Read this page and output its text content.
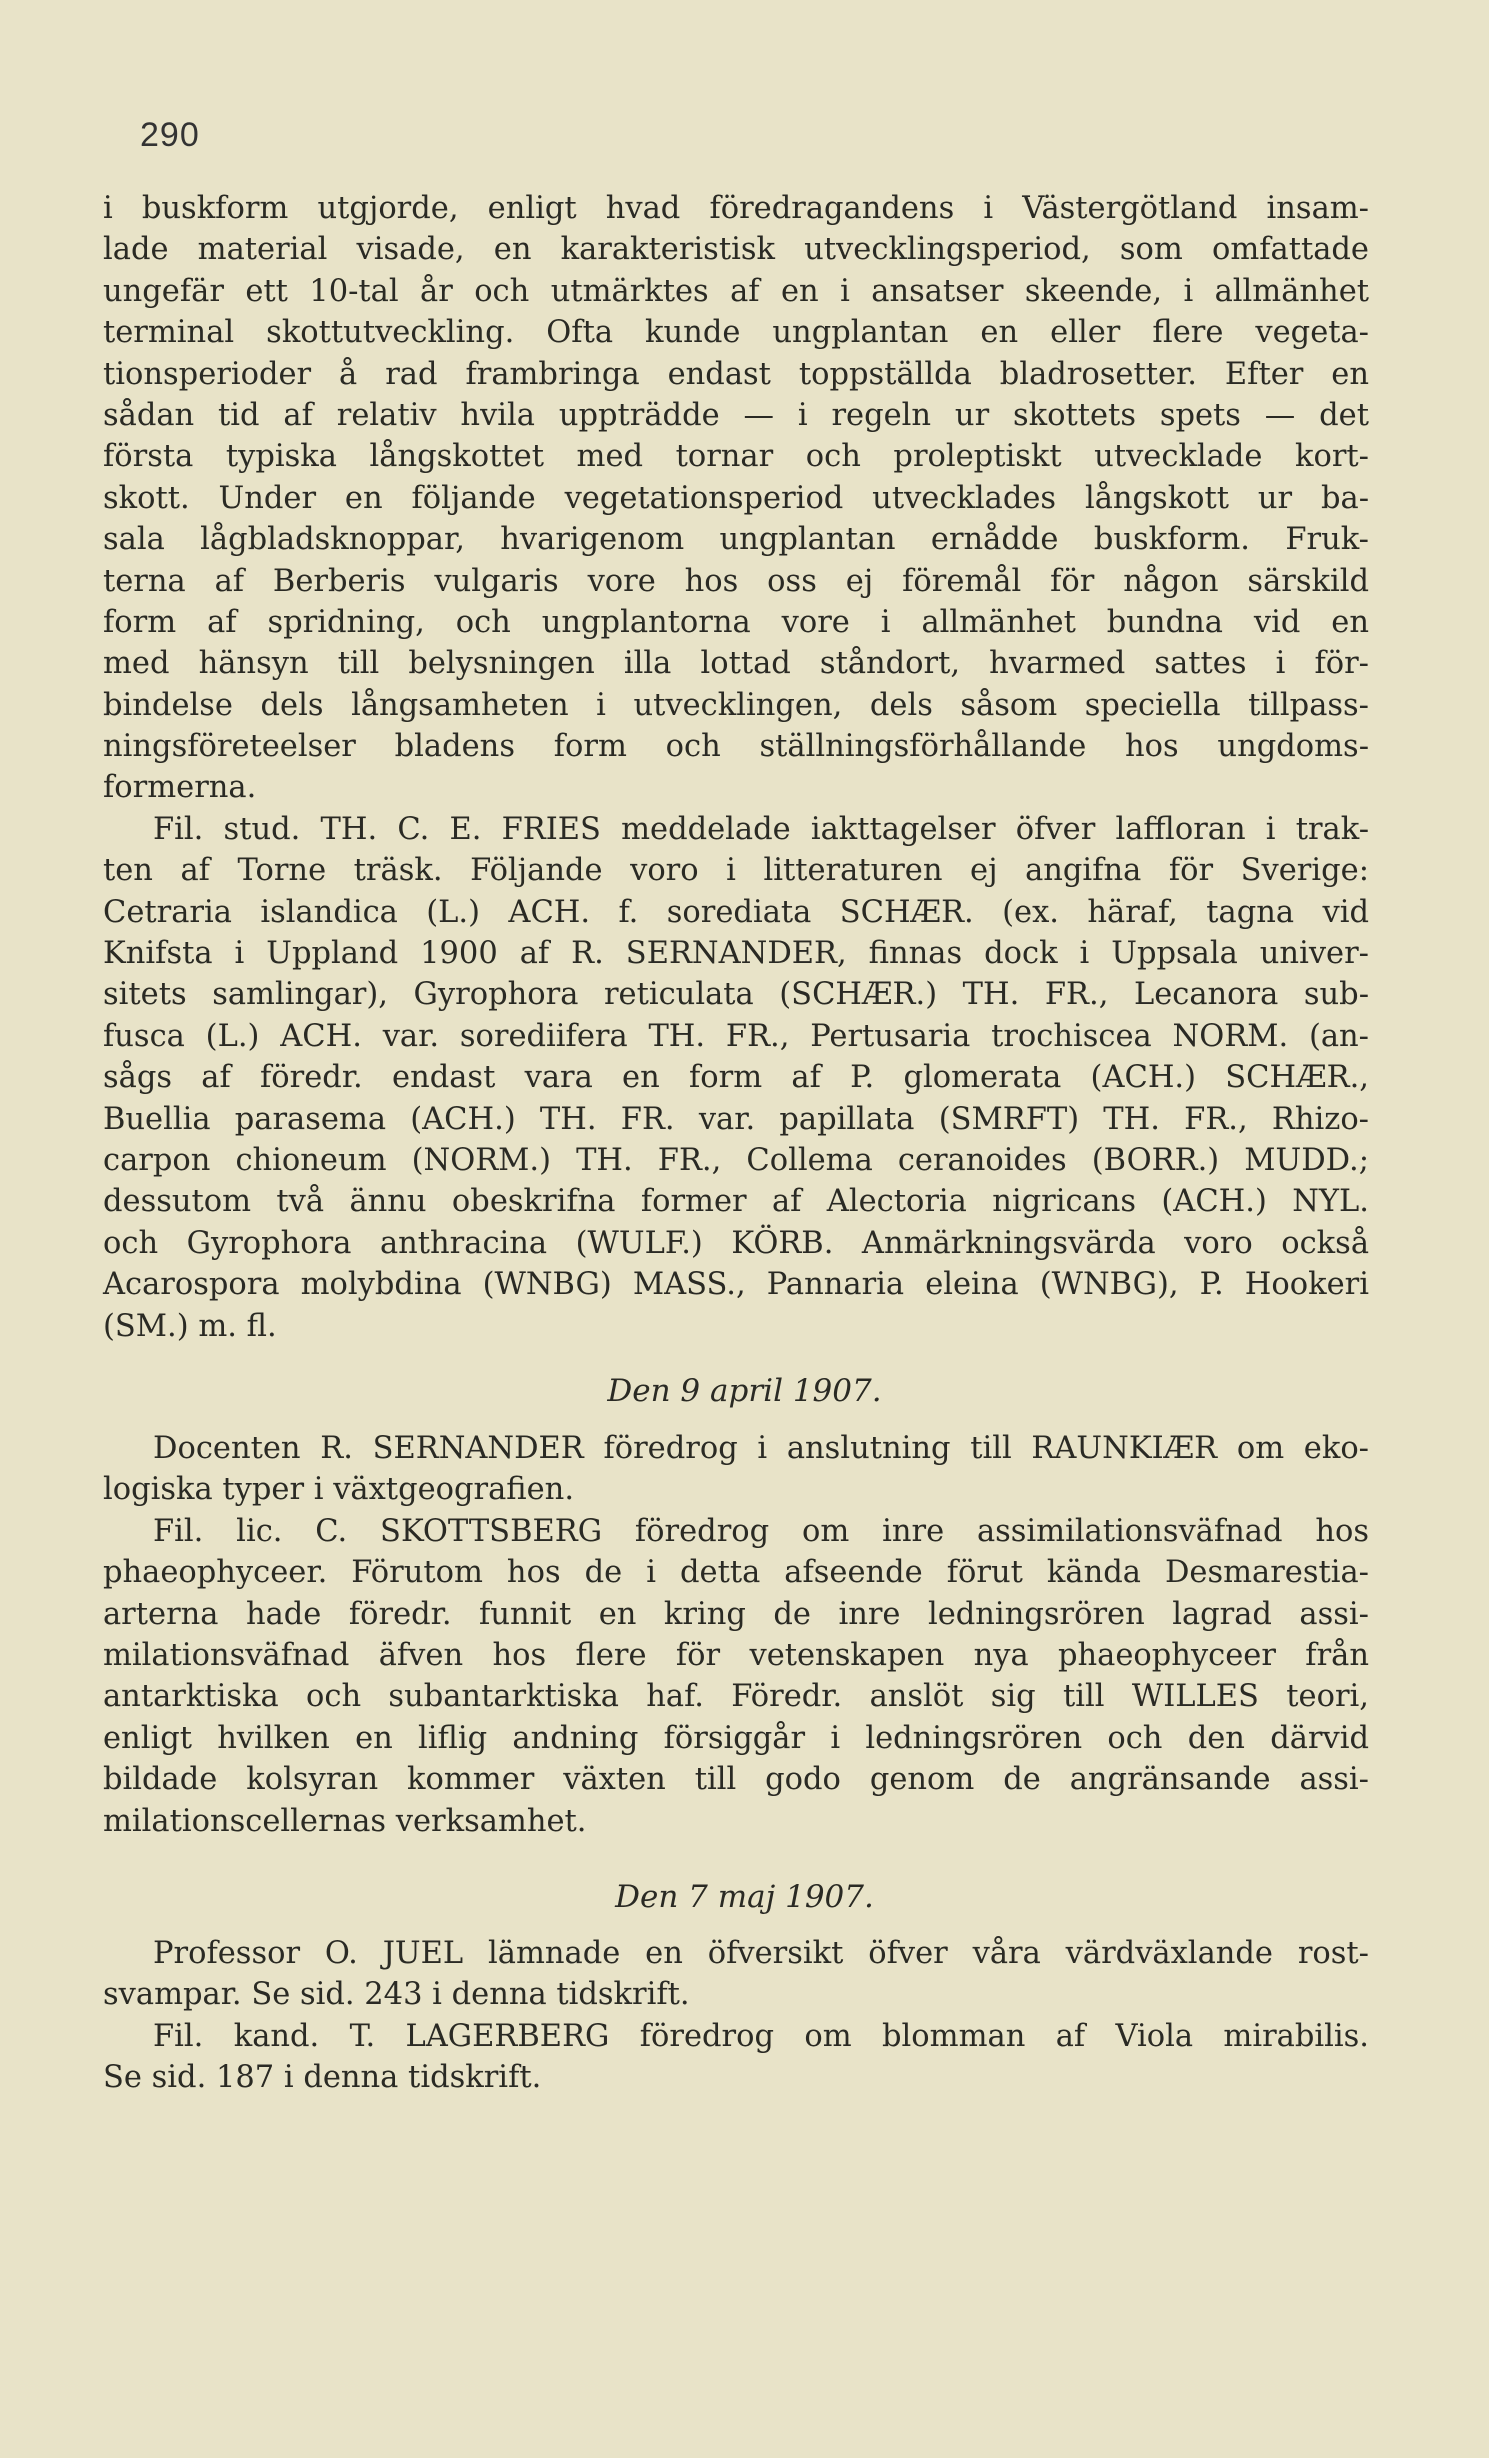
290
i buskform utgjorde, enligt hvad föredragandens i Västergötland insam-
lade material visade, en karakteristisk utvecklingsperiod, som omfattade
ungefär ett 10-tal år och utmärktes af en i ansatser skeende, i allmänhet
terminal skottutveckling. Ofta kunde ungplantan en eller flere vegeta-
tionsperioder å rad frambringa endast toppställda bladrosetter. Efter en
sådan tid af relativ hvila uppträdde — i regeln ur skottets spets — det
första typiska långskottet med tornar och proleptiskt utvecklade kort-
skott. Under en följande vegetationsperiod utvecklades långskott ur ba-
sala lågbladsknoppar, hvarigenom ungplantan ernådde buskform. Fruk-
terna af Berberis vulgaris vore hos oss ej föremål för någon särskild
form af spridning, och ungplantorna vore i allmänhet bundna vid en
med hänsyn till belysningen illa lottad ståndort, hvarmed sattes i för-
bindelse dels långsamheten i utvecklingen, dels såsom speciella tillpass-
ningsföreteelser bladens form och ställningsförhållande hos ungdoms-
formerna.
Fil. stud. TH. C. E. FRIES meddelade iakttagelser öfver laffloran i trak-
ten af Torne träsk. Följande voro i litteraturen ej angifna för Sverige:
Cetraria islandica (L.) ACH. f. sorediata SCHÆR. (ex. häraf, tagna vid
Knifsta i Uppland 1900 af R. SERNANDER, finnas dock i Uppsala univer-
sitets samlingar), Gyrophora reticulata (SCHÆR.) TH. FR., Lecanora sub-
fusca (L.) ACH. var. sorediifera TH. FR., Pertusaria trochiscea NORM. (an-
sågs af föredr. endast vara en form af P. glomerata (ACH.) SCHÆR.,
Buellia parasema (ACH.) TH. FR. var. papillata (SMRFT) TH. FR., Rhizo-
carpon chioneum (NORM.) TH. FR., Collema ceranoides (BORR.) MUDD.;
dessutom två ännu obeskrifna former af Alectoria nigricans (ACH.) NYL.
och Gyrophora anthracina (WULF.) KÖRB. Anmärkningsvärda voro också
Acarospora molybdina (WNBG) MASS., Pannaria eleina (WNBG), P. Hookeri
(SM.) m. fl.
Den 9 april 1907.
Docenten R. SERNANDER föredrog i anslutning till RAUNKIÆR om eko-
logiska typer i växtgeografien.
Fil. lic. C. SKOTTSBERG föredrog om inre assimilationsväfnad hos
phaeophyceer. Förutom hos de i detta afseende förut kända Desmarestia-
arterna hade föredr. funnit en kring de inre ledningsrören lagrad assi-
milationsväfnad äfven hos flere för vetenskapen nya phaeophyceer från
antarktiska och subantarktiska haf. Föredr. anslöt sig till WILLES teori,
enligt hvilken en liflig andning försiggår i ledningsrören och den därvid
bildade kolsyran kommer växten till godo genom de angränsande assi-
milationscellernas verksamhet.
Den 7 maj 1907.
Professor O. JUEL lämnade en öfversikt öfver våra värdväxlande rost-
svampar. Se sid. 243 i denna tidskrift.
Fil. kand. T. LAGERBERG föredrog om blomman af Viola mirabilis.
Se sid. 187 i denna tidskrift.
